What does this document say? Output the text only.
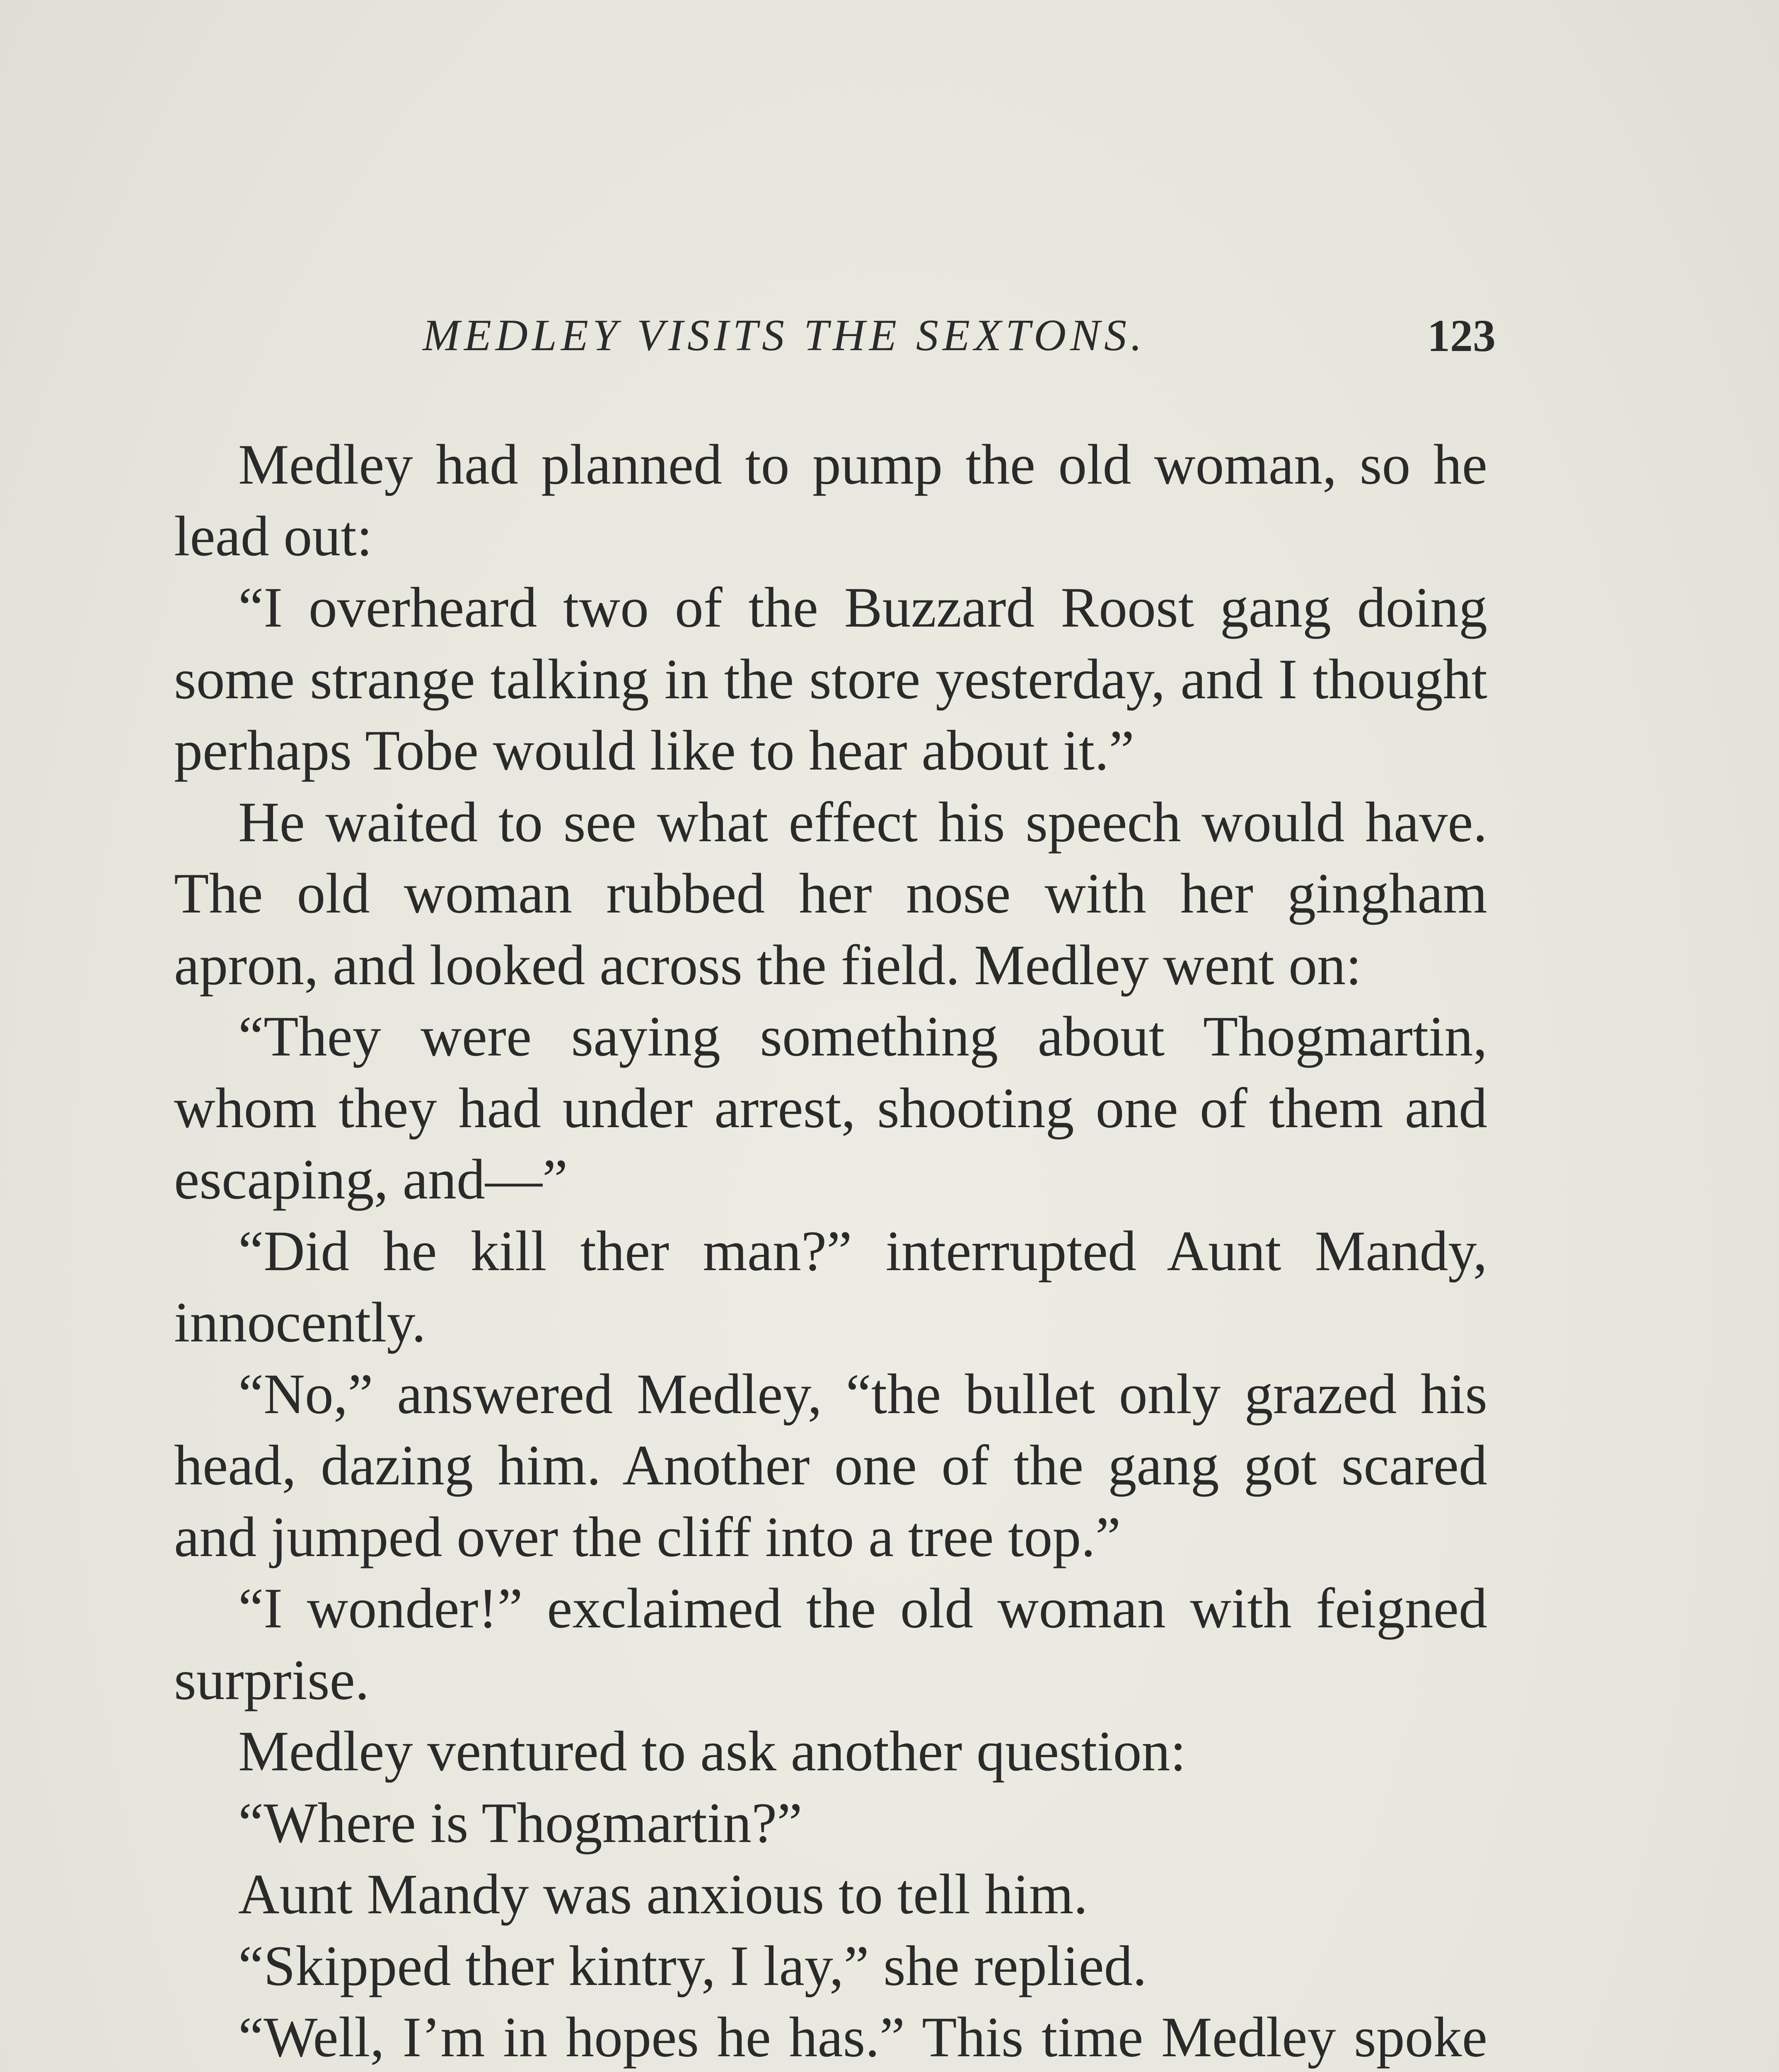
MEDLEY VISITS THE SEXTONS.	123

Medley had planned to pump the old woman, so he lead out:

“I overheard two of the Buzzard Roost gang doing some strange talking in the store yesterday, and I thought perhaps Tobe would like to hear about it.”

He waited to see what effect his speech would have. The old woman rubbed her nose with her gingham apron, and looked across the field. Medley went on:

“They were saying something about Thogmartin, whom they had under arrest, shooting one of them and escaping, and—”

“Did he kill ther man?” interrupted Aunt Mandy, innocently.

“No,” answered Medley, “the bullet only grazed his head, dazing him. Another one of the gang got scared and jumped over the cliff into a tree top.”

“I wonder!” exclaimed the old woman with feigned surprise.

Medley ventured to ask another question:

“Where is Thogmartin?”

Aunt Mandy was anxious to tell him.

“Skipped ther kintry, I lay,” she replied.

“Well, I’m in hopes he has.” This time Medley spoke
